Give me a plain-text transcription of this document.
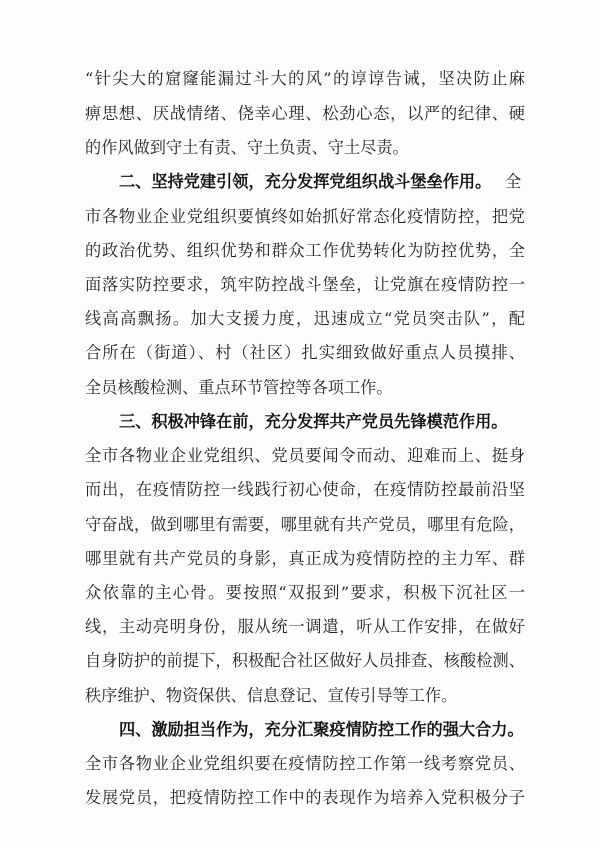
“针尖大的窟窿能漏过斗大的风”的谆谆告诫，坚决防止麻
痹思想、厌战情绪、侥幸心理、松劲心态，以严的纪律、硬
的作风做到守土有责、守土负责、守土尽责。
二、坚持党建引领，充分发挥党组织战斗堡垒作用。 全
市各物业企业党组织要慎终如始抓好常态化疫情防控，把党
的政治优势、组织优势和群众工作优势转化为防控优势，全
面落实防控要求，筑牢防控战斗堡垒，让党旗在疫情防控一
线高高飘扬。加大支援力度，迅速成立“党员突击队”，配
合所在（街道）、村（社区）扎实细致做好重点人员摸排、
全员核酸检测、重点环节管控等各项工作。
三、积极冲锋在前，充分发挥共产党员先锋模范作用。
全市各物业企业党组织、党员要闻令而动、迎难而上、挺身
而出，在疫情防控一线践行初心使命，在疫情防控最前沿坚
守奋战，做到哪里有需要，哪里就有共产党员，哪里有危险，
哪里就有共产党员的身影，真正成为疫情防控的主力军、群
众依靠的主心骨。要按照“双报到”要求，积极下沉社区一
线，主动亮明身份，服从统一调遣，听从工作安排，在做好
自身防护的前提下，积极配合社区做好人员排查、核酸检测、
秩序维护、物资保供、信息登记、宣传引导等工作。
四、激励担当作为，充分汇聚疫情防控工作的强大合力。
全市各物业企业党组织要在疫情防控工作第一线考察党员、
发展党员，把疫情防控工作中的表现作为培养入党积极分子
